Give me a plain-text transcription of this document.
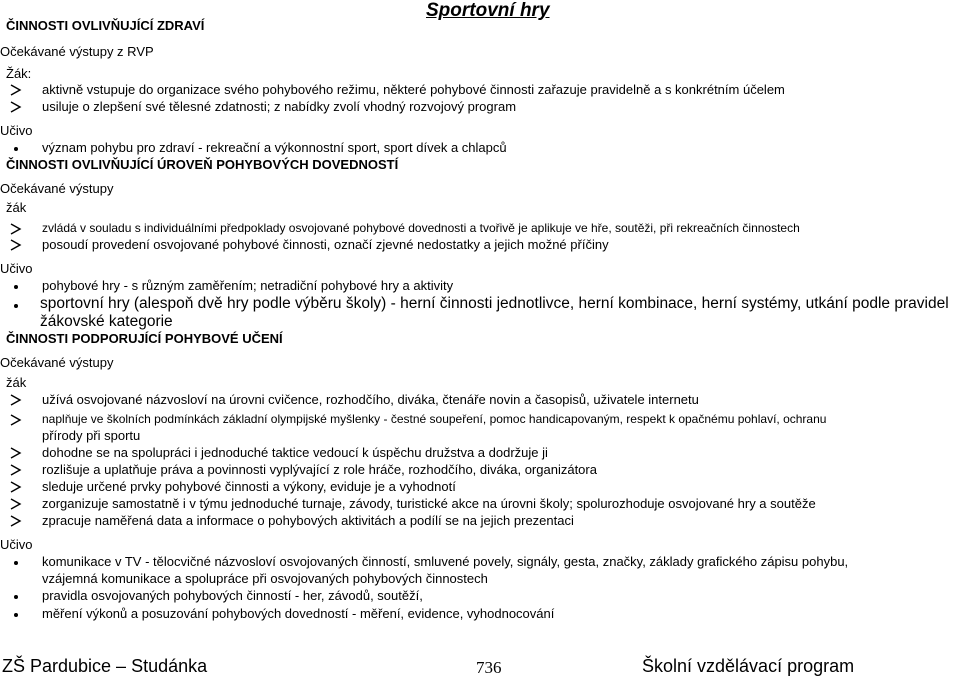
ČINNOSTI OVLIVŇUJÍCÍ ZDRAVÍ
Sportovní hry
Očekávané výstupy z RVP
Žák:
aktivně vstupuje do organizace svého pohybového režimu, některé pohybové činnosti zařazuje pravidelně a s konkrétním účelem
usiluje o zlepšení své tělesné zdatnosti; z nabídky zvolí vhodný rozvojový program
Učivo
význam pohybu pro zdraví - rekreační a výkonnostní sport, sport dívek a chlapců
ČINNOSTI OVLIVŇUJÍCÍ ÚROVEŇ POHYBOVÝCH DOVEDNOSTÍ
Očekávané výstupy
žák
zvládá v souladu s individuálními předpoklady osvojované pohybové dovednosti a tvořivě je aplikuje ve hře, soutěži, při rekreačních činnostech
posoudí provedení osvojované pohybové činnosti, označí zjevné nedostatky a jejich možné příčiny
Učivo
pohybové hry - s různým zaměřením; netradiční pohybové hry a aktivity
sportovní hry (alespoň dvě hry podle výběru školy) - herní činnosti jednotlivce, herní kombinace, herní systémy, utkání podle pravidel
žákovské kategorie
ČINNOSTI PODPORUJÍCÍ POHYBOVÉ UČENÍ
Očekávané výstupy
žák
užívá osvojované názvosloví na úrovni cvičence, rozhodčího, diváka, čtenáře novin a časopisů, uživatele internetu
naplňuje ve školních podmínkách základní olympijské myšlenky - čestné soupeření, pomoc handicapovaným, respekt k opačnému pohlaví, ochranu
přírody při sportu
dohodne se na spolupráci i jednoduché taktice vedoucí k úspěchu družstva a dodržuje ji
rozlišuje a uplatňuje práva a povinnosti vyplývající z role hráče, rozhodčího, diváka, organizátora
sleduje určené prvky pohybové činnosti a výkony, eviduje je a vyhodnotí
zorganizuje samostatně i v týmu jednoduché turnaje, závody, turistické akce na úrovni školy; spolurozhoduje osvojované hry a soutěže
zpracuje naměřená data a informace o pohybových aktivitách a podílí se na jejich prezentaci
Učivo
komunikace v TV - tělocvičné názvosloví osvojovaných činností, smluvené povely, signály, gesta, značky, základy grafického zápisu pohybu,
vzájemná komunikace a spolupráce při osvojovaných pohybových činnostech
pravidla osvojovaných pohybových činností - her, závodů, soutěží,
měření výkonů a posuzování pohybových dovedností - měření, evidence, vyhodnocování
ZŠ Pardubice – Studánka	736	Školní vzdělávací program
